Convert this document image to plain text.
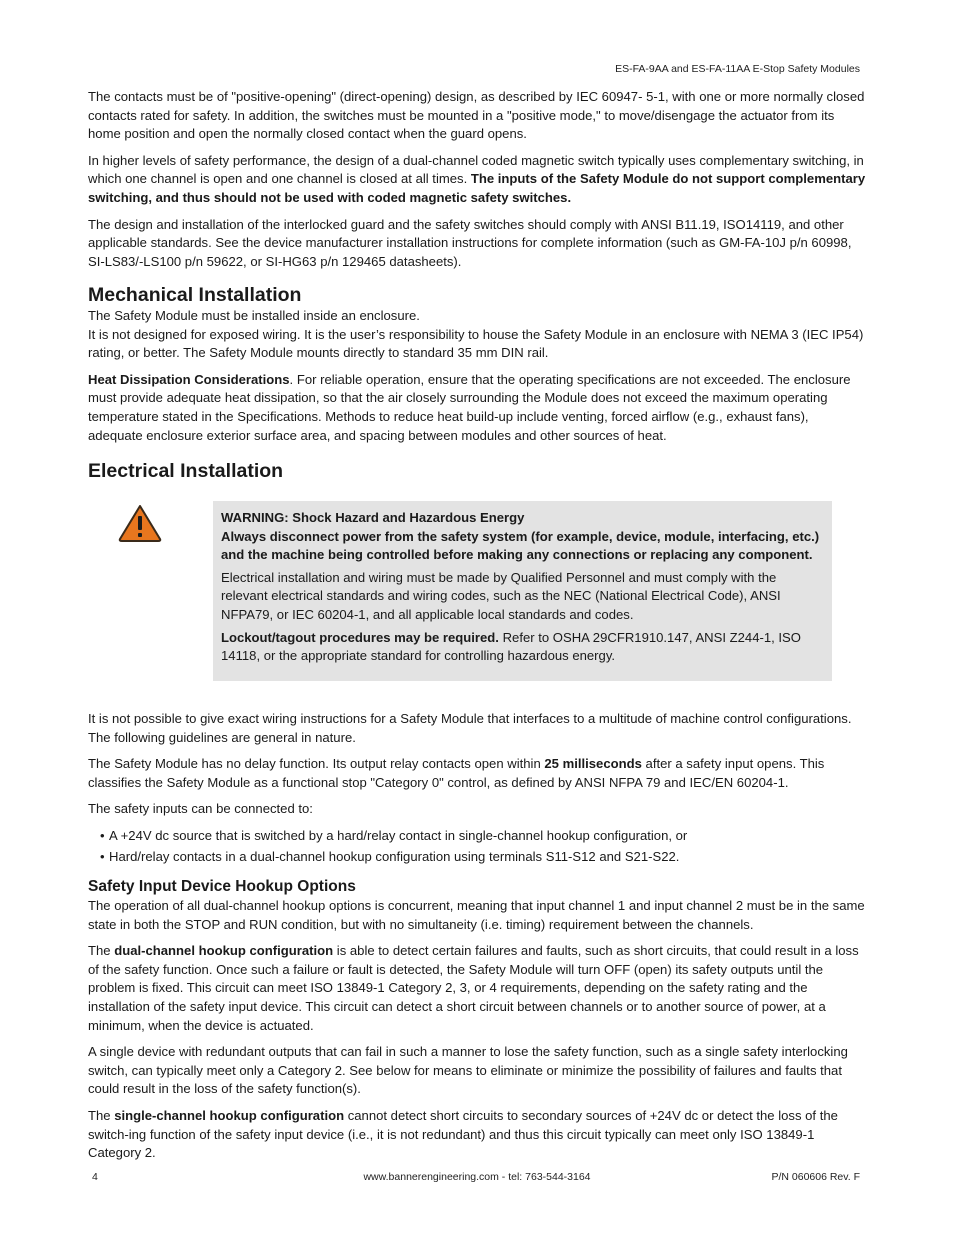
ES-FA-9AA and ES-FA-11AA E-Stop Safety Modules

The contacts must be of "positive-opening" (direct-opening) design, as described by IEC 60947- 5-1, with one or more normally closed contacts rated for safety. In addition, the switches must be mounted in a "positive mode," to move/disengage the actuator from its home position and open the normally closed contact when the guard opens.

In higher levels of safety performance, the design of a dual-channel coded magnetic switch typically uses complementary switching, in which one channel is open and one channel is closed at all times. The inputs of the Safety Module do not support complementary switching, and thus should not be used with coded magnetic safety switches.

The design and installation of the interlocked guard and the safety switches should comply with ANSI B11.19, ISO14119, and other applicable standards. See the device manufacturer installation instructions for complete information (such as GM-FA-10J p/n 60998, SI-LS83/-LS100 p/n 59622, or SI-HG63 p/n 129465 datasheets).

Mechanical Installation

The Safety Module must be installed inside an enclosure.

It is not designed for exposed wiring. It is the user’s responsibility to house the Safety Module in an enclosure with NEMA 3 (IEC IP54) rating, or better. The Safety Module mounts directly to standard 35 mm DIN rail.

Heat Dissipation Considerations. For reliable operation, ensure that the operating specifications are not exceeded. The enclosure must provide adequate heat dissipation, so that the air closely surrounding the Module does not exceed the maximum operating temperature stated in the Specifications. Methods to reduce heat build-up include venting, forced airflow (e.g., exhaust fans), adequate enclosure exterior surface area, and spacing between modules and other sources of heat.

Electrical Installation

WARNING: Shock Hazard and Hazardous Energy
Always disconnect power from the safety system (for example, device, module, interfacing, etc.) and the machine being controlled before making any connections or replacing any component.

Electrical installation and wiring must be made by Qualified Personnel and must comply with the relevant electrical standards and wiring codes, such as the NEC (National Electrical Code), ANSI NFPA79, or IEC 60204-1, and all applicable local standards and codes.

Lockout/tagout procedures may be required. Refer to OSHA 29CFR1910.147, ANSI Z244-1, ISO 14118, or the appropriate standard for controlling hazardous energy.

It is not possible to give exact wiring instructions for a Safety Module that interfaces to a multitude of machine control configurations. The following guidelines are general in nature.

The Safety Module has no delay function. Its output relay contacts open within 25 milliseconds after a safety input opens. This classifies the Safety Module as a functional stop "Category 0" control, as defined by ANSI NFPA 79 and IEC/EN 60204-1.

The safety inputs can be connected to:

• A +24V dc source that is switched by a hard/relay contact in single-channel hookup configuration, or
• Hard/relay contacts in a dual-channel hookup configuration using terminals S11-S12 and S21-S22.
Safety Input Device Hookup Options

The operation of all dual-channel hookup options is concurrent, meaning that input channel 1 and input channel 2 must be in the same state in both the STOP and RUN condition, but with no simultaneity (i.e. timing) requirement between the channels.

The dual-channel hookup configuration is able to detect certain failures and faults, such as short circuits, that could result in a loss of the safety function. Once such a failure or fault is detected, the Safety Module will turn OFF (open) its safety outputs until the problem is fixed. This circuit can meet ISO 13849-1 Category 2, 3, or 4 requirements, depending on the safety rating and the installation of the safety input device. This circuit can detect a short circuit between channels or to another source of power, at a minimum, when the device is actuated.

A single device with redundant outputs that can fail in such a manner to lose the safety function, such as a single safety interlocking switch, can typically meet only a Category 2. See below for means to eliminate or minimize the possibility of failures and faults that could result in the loss of the safety function(s).

The single-channel hookup configuration cannot detect short circuits to secondary sources of +24V dc or detect the loss of the switch-ing function of the safety input device (i.e., it is not redundant) and thus this circuit typically can meet only ISO 13849-1 Category 2.

4	www.bannerengineering.com - tel: 763-544-3164	P/N 060606 Rev. F
